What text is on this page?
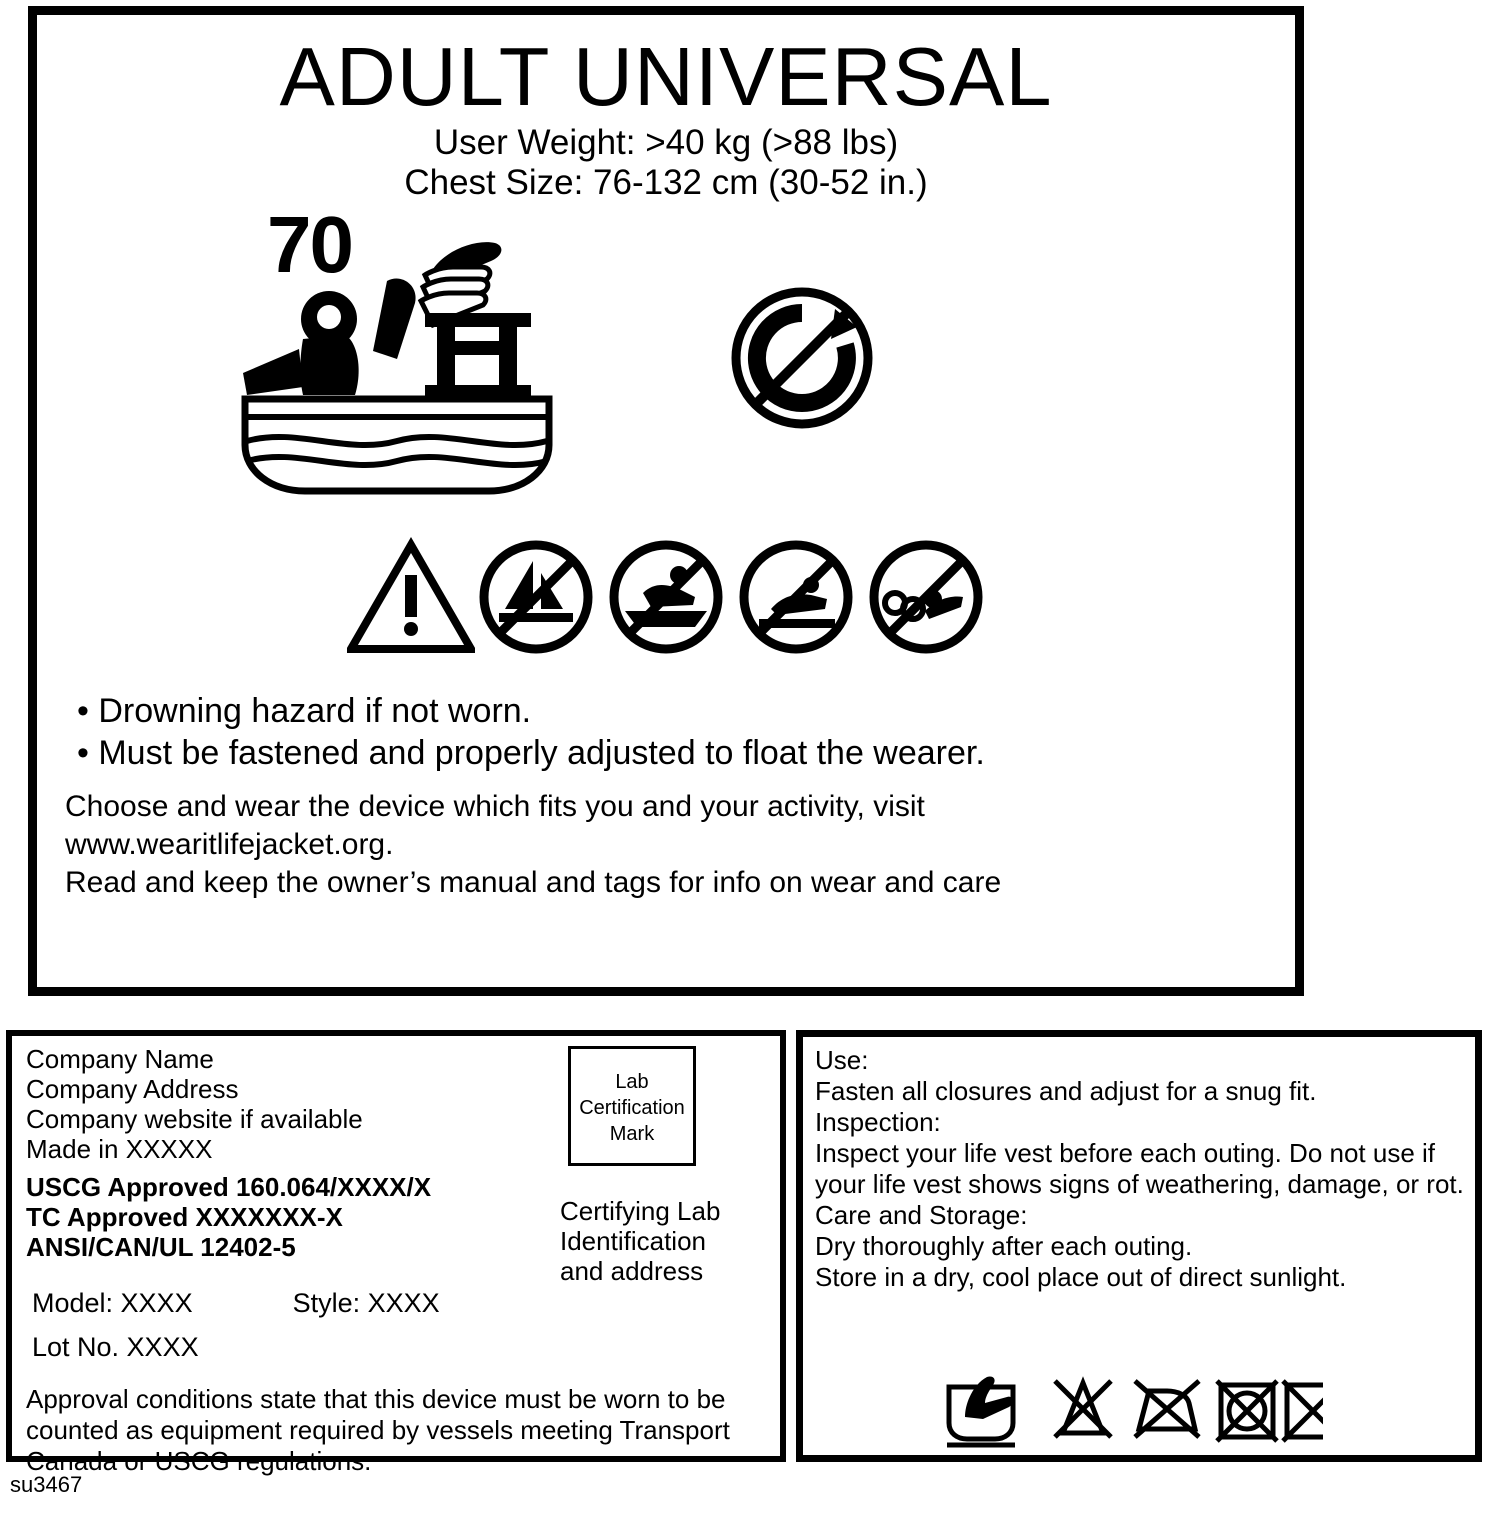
ADULT UNIVERSAL
User Weight: >40 kg (>88 lbs)
Chest Size: 76-132 cm (30-52 in.)
70
• Drowning hazard if not worn.
• Must be fastened and properly adjusted to float the wearer.
Choose and wear the device which fits you and your activity, visit
www.wearitlifejacket.org.
Read and keep the owner’s manual and tags for info on wear and care
Company Name
Company Address
Company website if available
Made in XXXXX
USCG Approved 160.064/XXXX/X
TC Approved XXXXXXX-X
ANSI/CAN/UL 12402-5
Model: XXXX	Style: XXXX
Lot No. XXXX
Approval conditions state that this device must be worn to be counted as equipment required by vessels meeting Transport Canada or USCG regulations.
Lab
Certification
Mark
Certifying Lab
Identification
and address
Use:
Fasten all closures and adjust for a snug fit.
Inspection:
Inspect your life vest before each outing. Do not use if your life vest shows signs of weathering, damage, or rot.
Care and Storage:
Dry thoroughly after each outing.
Store in a dry, cool place out of direct sunlight.
su3467
